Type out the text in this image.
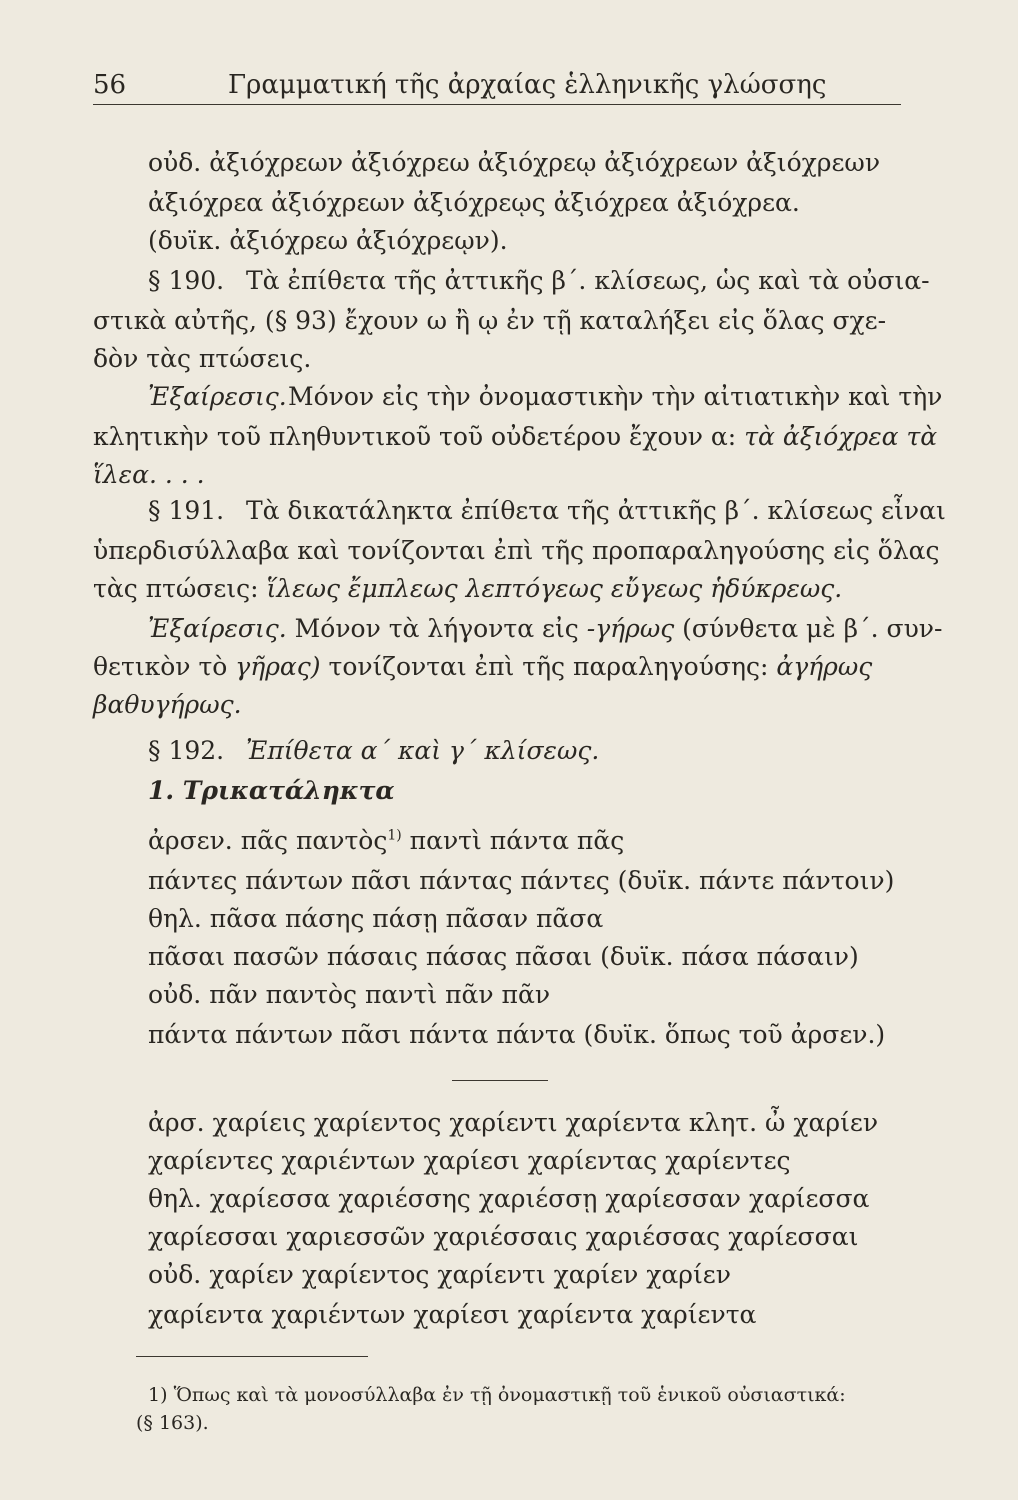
56	Γραμματική τῆς ἀρχαίας ἑλληνικῆς γλώσσης
οὐδ. ἀξιόχρεων ἀξιόχρεω ἀξιόχρεῳ ἀξιόχρεων ἀξιόχρεων
ἀξιόχρεα ἀξιόχρεων ἀξιόχρεῳς ἀξιόχρεα ἀξιόχρεα.
(δυϊκ. ἀξιόχρεω ἀξιόχρεῳν).
§ 190. Τὰ ἐπίθετα τῆς ἀττικῆς β΄. κλίσεως, ὡς καὶ τὰ οὐσια-
στικὰ αὐτῆς, (§ 93) ἔχουν ω ἢ ῳ ἐν τῇ καταλήξει εἰς ὅλας σχε-
δὸν τὰς πτώσεις.
Ἐξαίρεσις. Μόνον εἰς τὴν ὀνομαστικὴν τὴν αἰτιατικὴν καὶ τὴν
κλητικὴν τοῦ πληθυντικοῦ τοῦ οὐδετέρου ἔχουν α: τὰ ἀξιόχρεα τὰ
ἵλεα. . . .
§ 191. Τὰ δικατάληκτα ἐπίθετα τῆς ἀττικῆς β΄. κλίσεως εἶναι
ὑπερδισύλλαβα καὶ τονίζονται ἐπὶ τῆς προπαραληγούσης εἰς ὅλας
τὰς πτώσεις: ἵλεως ἔμπλεως λεπτόγεως εὔγεως ἡδύκρεως.
Ἐξαίρεσις. Μόνον τὰ λήγοντα εἰς -γήρως (σύνθετα μὲ β΄. συν-
θετικὸν τὸ γῆρας) τονίζονται ἐπὶ τῆς παραληγούσης: ἀγήρως
βαθυγήρως.
§ 192. Ἐπίθετα α΄ καὶ γ΄ κλίσεως.
1. Τρικατάληκτα
ἀρσεν. πᾶς παντὸς$^{1)}$ παντὶ πάντα πᾶς
πάντες πάντων πᾶσι πάντας πάντες (δυϊκ. πάντε πάντοιν)
θηλ. πᾶσα πάσης πάσῃ πᾶσαν πᾶσα
πᾶσαι πασῶν πάσαις πάσας πᾶσαι (δυϊκ. πάσα πάσαιν)
οὐδ. πᾶν παντὸς παντὶ πᾶν πᾶν
πάντα πάντων πᾶσι πάντα πάντα (δυϊκ. ὅπως τοῦ ἀρσεν.)
ἀρσ. χαρίεις χαρίεντος χαρίεντι χαρίεντα κλητ. ὦ χαρίεν
χαρίεντες χαριέντων χαρίεσι χαρίεντας χαρίεντες
θηλ. χαρίεσσα χαριέσσης χαριέσσῃ χαρίεσσαν χαρίεσσα
χαρίεσσαι χαριεσσῶν χαριέσσαις χαριέσσας χαρίεσσαι
οὐδ. χαρίεν χαρίεντος χαρίεντι χαρίεν χαρίεν
χαρίεντα χαριέντων χαρίεσι χαρίεντα χαρίεντα
1) Ὅπως καὶ τὰ μονοσύλλαβα ἐν τῇ ὀνομαστικῇ τοῦ ἑνικοῦ οὐσιαστικά:
(§ 163).
